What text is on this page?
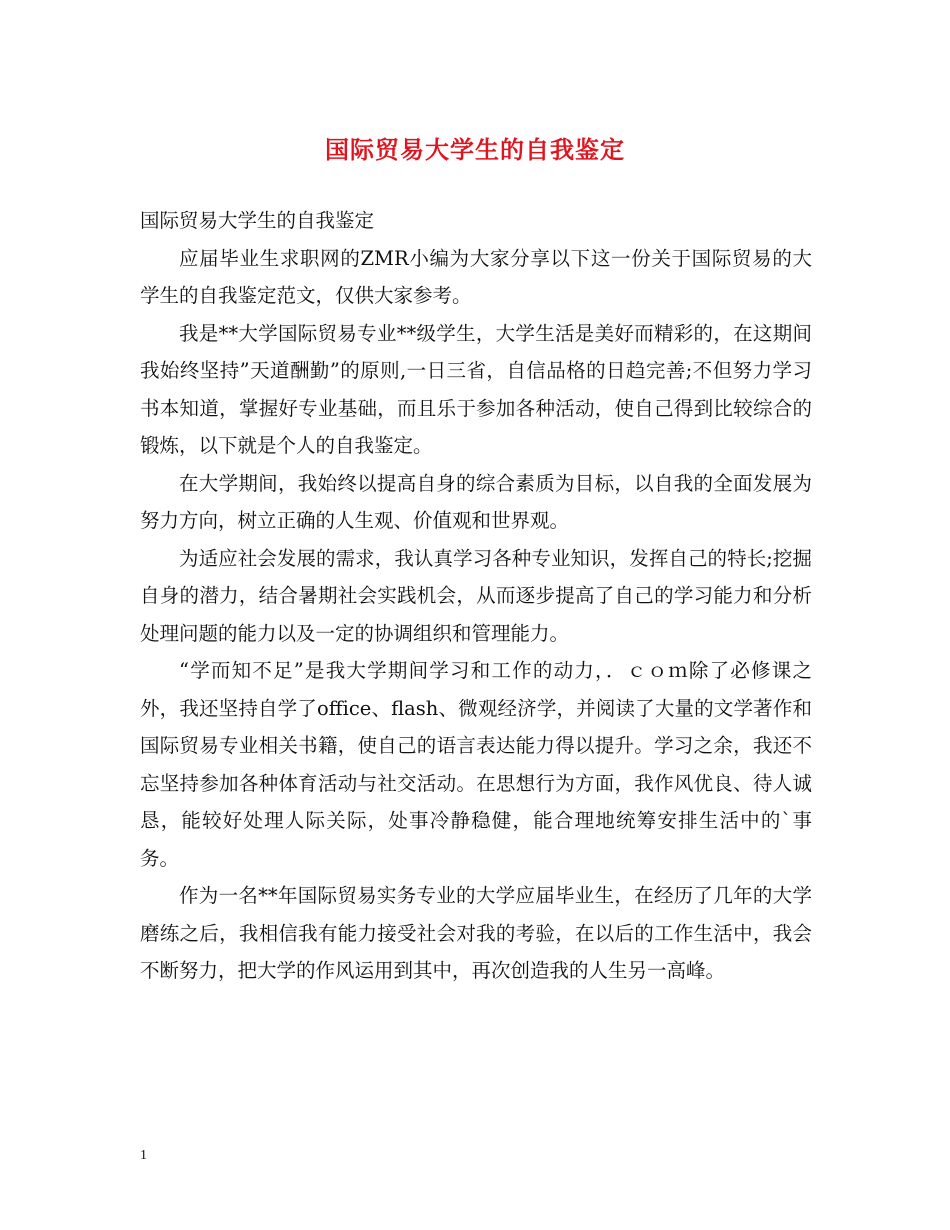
国际贸易大学生的自我鉴定

国际贸易大学生的自我鉴定

应届毕业生求职网的ZMR小编为大家分享以下这一份关于国际贸易的大学生的自我鉴定范文，仅供大家参考。

我是**大学国际贸易专业**级学生，大学生活是美好而精彩的，在这期间我始终坚持”天道酬勤”的原则,一日三省，自信品格的日趋完善;不但努力学习书本知道，掌握好专业基础，而且乐于参加各种活动，使自己得到比较综合的锻炼，以下就是个人的自我鉴定。

在大学期间，我始终以提高自身的综合素质为目标，以自我的全面发展为努力方向，树立正确的人生观、价值观和世界观。

为适应社会发展的需求，我认真学习各种专业知识，发挥自己的特长;挖掘自身的潜力，结合暑期社会实践机会，从而逐步提高了自己的学习能力和分析处理问题的能力以及一定的协调组织和管理能力。

“学而知不足”是我大学期间学习和工作的动力，．ｃｏｍ除了必修课之外，我还坚持自学了office、flash、微观经济学，并阅读了大量的文学著作和国际贸易专业相关书籍，使自己的语言表达能力得以提升。学习之余，我还不忘坚持参加各种体育活动与社交活动。在思想行为方面，我作风优良、待人诚恳，能较好处理人际关际，处事冷静稳健，能合理地统筹安排生活中的`事务。

作为一名**年国际贸易实务专业的大学应届毕业生，在经历了几年的大学磨练之后，我相信我有能力接受社会对我的考验，在以后的工作生活中，我会不断努力，把大学的作风运用到其中，再次创造我的人生另一高峰。

1
